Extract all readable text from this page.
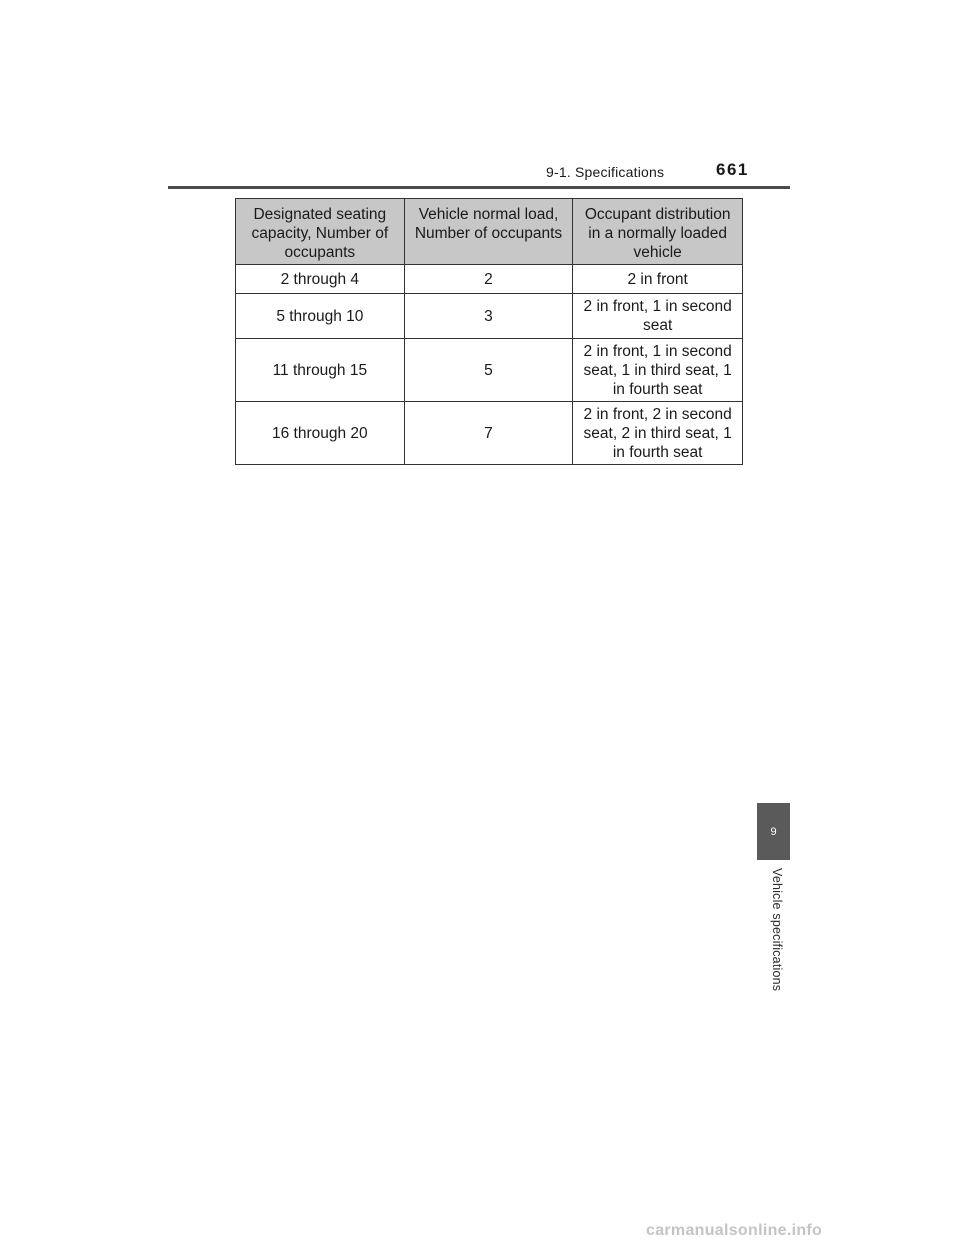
9-1. Specifications	661
Designated seating capacity, Number of occupants	Vehicle normal load, Number of occupants	Occupant distribution in a normally loaded vehicle
2 through 4	2	2 in front
5 through 10	3	2 in front, 1 in second seat
11 through 15	5	2 in front, 1 in second seat, 1 in third seat, 1 in fourth seat
16 through 20	7	2 in front, 2 in second seat, 2 in third seat, 1 in fourth seat
9
Vehicle specifications
carmanualsonline.info
